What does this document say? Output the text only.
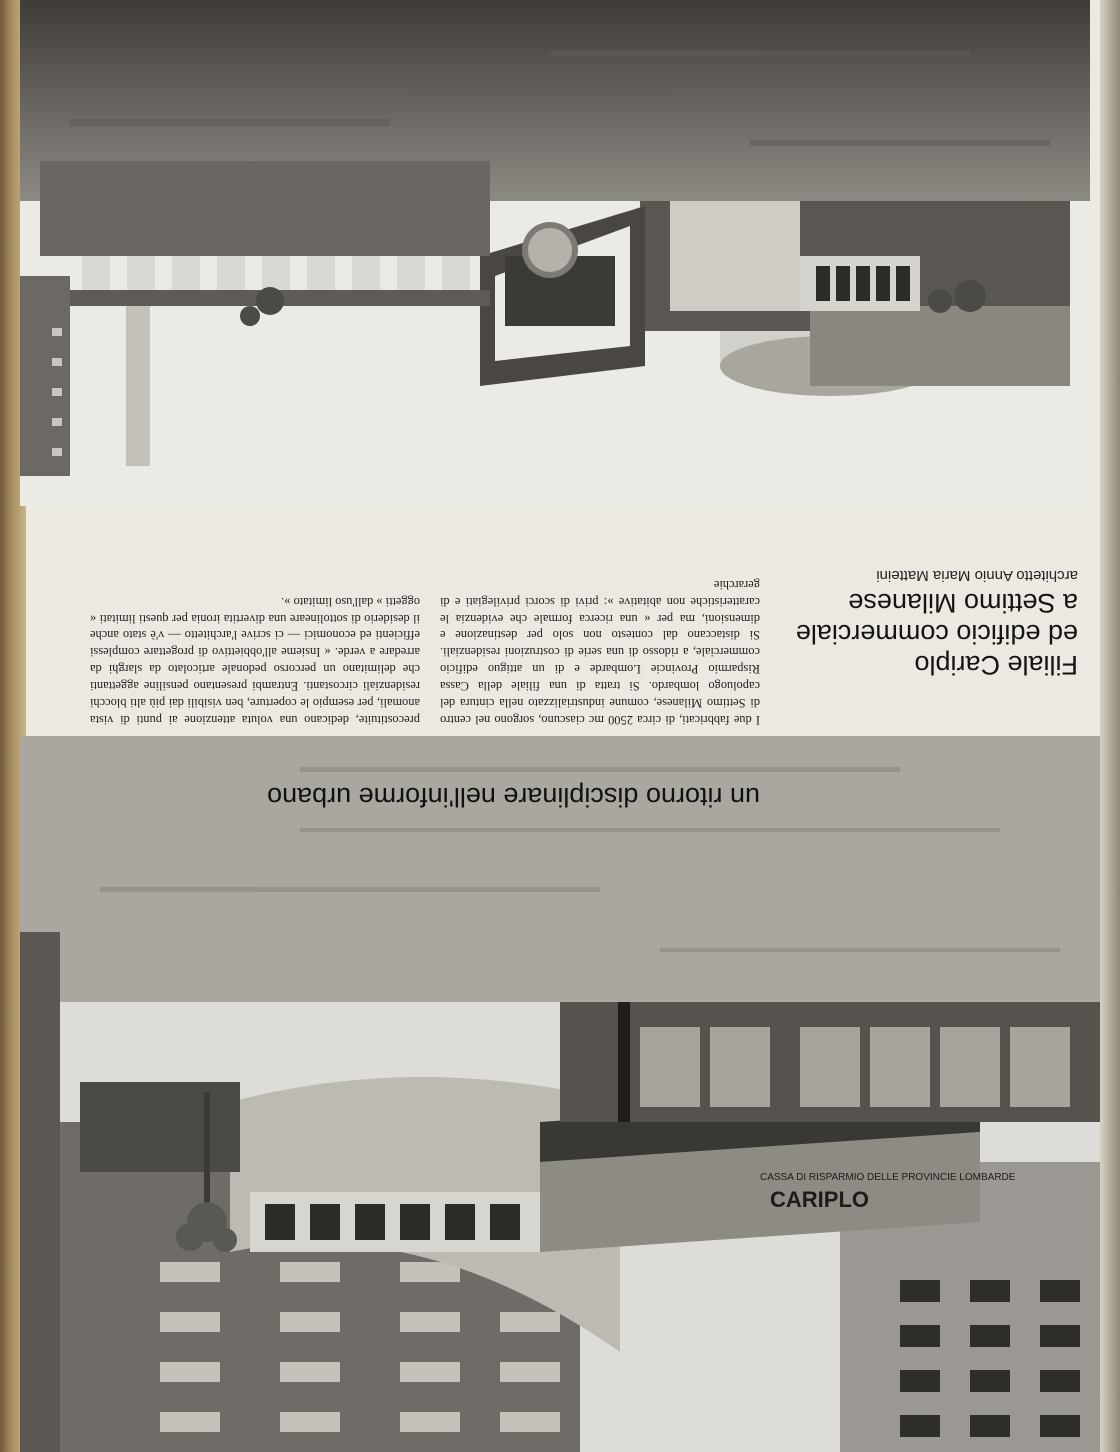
Filiale Cariplo
ed edificio commerciale
a Settimo Milanese
architetto Annio Maria Matteini
I due fabbricati, di circa 2500 mc ciascuno, sorgono nel centro di Settimo Milanese, comune industrializzato nella cintura del capoluogo lombardo. Si tratta di una filiale della Cassa Risparmio Provincie Lombarde e di un attiguo edificio commerciale, a ridosso di una serie di costruzioni residenziali. Si distaccano dal contesto non solo per destinazione e dimensioni, ma per « una ricerca formale che evidenzia le caratteristiche non abitative »: privi di scorci privilegiati e di gerarchie
precostituite, dedicano una voluta attenzione ai punti di vista anomali, per esempio le coperture, ben visibili dai più alti blocchi residenziali circostanti. Entrambi presentano pensiline aggettanti che delimitano un percorso pedonale articolato da slarghi da arredare a verde. « Insieme all'obbiettivo di progettare complessi efficienti ed economici — ci scrive l'architetto — v'è stato anche il desiderio di sottolineare una divertita ironia per questi limitati « oggetti » dall'uso limitato ».
CARIPLO
CASSA DI RISPARMIO DELLE PROVINCIE LOMBARDE
un ritorno disciplinare nell'informe urbano
